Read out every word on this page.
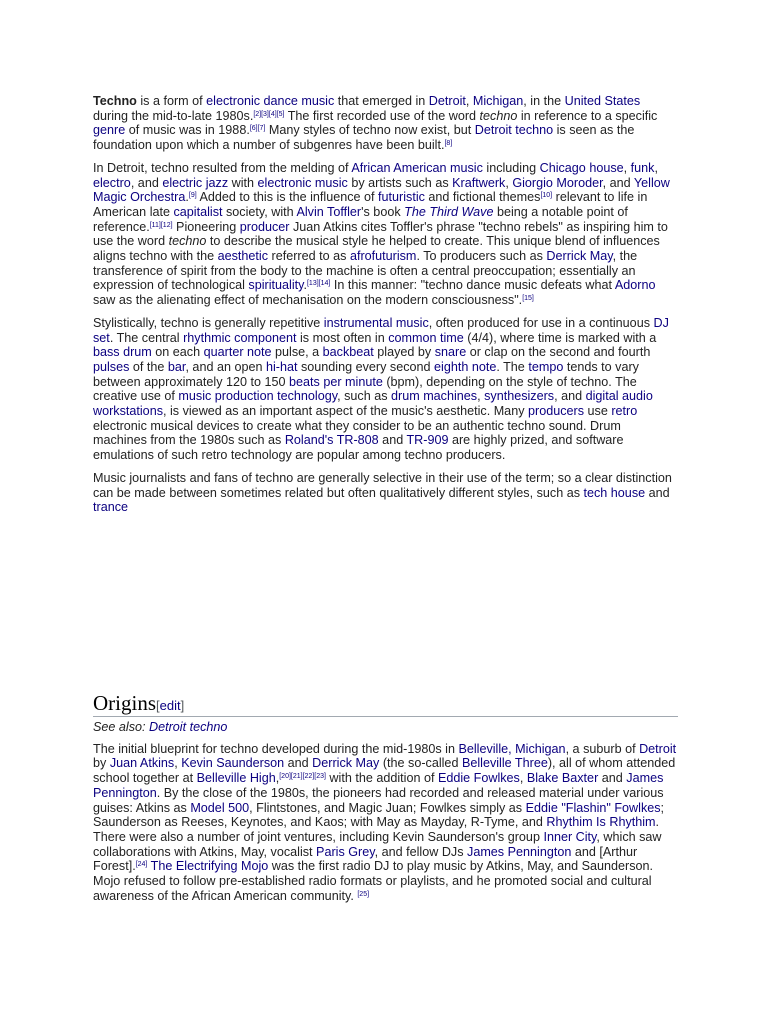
Techno is a form of electronic dance music that emerged in Detroit, Michigan, in the United States during the mid-to-late 1980s.[2][3][4][5] The first recorded use of the word techno in reference to a specific genre of music was in 1988.[6][7] Many styles of techno now exist, but Detroit techno is seen as the foundation upon which a number of subgenres have been built.[8]

In Detroit, techno resulted from the melding of African American music including Chicago house, funk, electro, and electric jazz with electronic music by artists such as Kraftwerk, Giorgio Moroder, and Yellow Magic Orchestra.[9] Added to this is the influence of futuristic and fictional themes[10] relevant to life in American late capitalist society, with Alvin Toffler's book The Third Wave being a notable point of reference.[11][12] Pioneering producer Juan Atkins cites Toffler's phrase "techno rebels" as inspiring him to use the word techno to describe the musical style he helped to create. This unique blend of influences aligns techno with the aesthetic referred to as afrofuturism. To producers such as Derrick May, the transference of spirit from the body to the machine is often a central preoccupation; essentially an expression of technological spirituality.[13][14] In this manner: "techno dance music defeats what Adorno saw as the alienating effect of mechanisation on the modern consciousness".[15]

Stylistically, techno is generally repetitive instrumental music, often produced for use in a continuous DJ set. The central rhythmic component is most often in common time (4/4), where time is marked with a bass drum on each quarter note pulse, a backbeat played by snare or clap on the second and fourth pulses of the bar, and an open hi-hat sounding every second eighth note. The tempo tends to vary between approximately 120 to 150 beats per minute (bpm), depending on the style of techno. The creative use of music production technology, such as drum machines, synthesizers, and digital audio workstations, is viewed as an important aspect of the music's aesthetic. Many producers use retro electronic musical devices to create what they consider to be an authentic techno sound. Drum machines from the 1980s such as Roland's TR-808 and TR-909 are highly prized, and software emulations of such retro technology are popular among techno producers.

Music journalists and fans of techno are generally selective in their use of the term; so a clear distinction can be made between sometimes related but often qualitatively different styles, such as tech house and trance

Origins[edit]

See also: Detroit techno

The initial blueprint for techno developed during the mid-1980s in Belleville, Michigan, a suburb of Detroit by Juan Atkins, Kevin Saunderson and Derrick May (the so-called Belleville Three), all of whom attended school together at Belleville High,[20][21][22][23] with the addition of Eddie Fowlkes, Blake Baxter and James Pennington. By the close of the 1980s, the pioneers had recorded and released material under various guises: Atkins as Model 500, Flintstones, and Magic Juan; Fowlkes simply as Eddie "Flashin" Fowlkes; Saunderson as Reeses, Keynotes, and Kaos; with May as Mayday, R-Tyme, and Rhythim Is Rhythim. There were also a number of joint ventures, including Kevin Saunderson's group Inner City, which saw collaborations with Atkins, May, vocalist Paris Grey, and fellow DJs James Pennington and [Arthur Forest].[24] The Electrifying Mojo was the first radio DJ to play music by Atkins, May, and Saunderson. Mojo refused to follow pre-established radio formats or playlists, and he promoted social and cultural awareness of the African American community. [25]
